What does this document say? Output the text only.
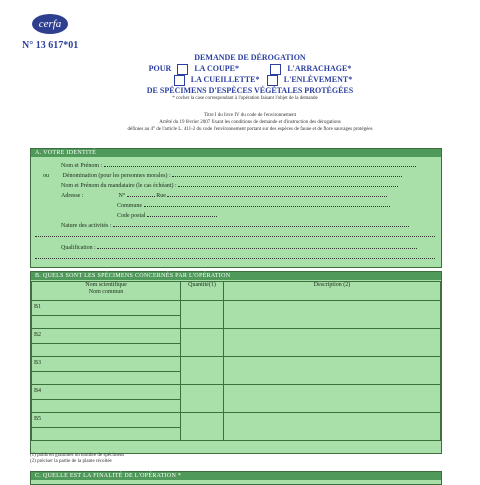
cerfa
N° 13 617*01
DEMANDE DE DÉROGATION
POUR	LA COUPE*	L'ARRACHAGE*
LA CUEILLETTE*	L'ENLÈVEMENT*
DE SPÉCIMENS D'ESPÈCES VÉGÉTALES PROTÉGÉES
* cocher la case correspondant à l'opération faisant l'objet de la demande
Titre I du livre IV du code de l'environnement
Arrêté du 19 février 2007 fixant les conditions de demande et d'instruction des dérogations
définies au 4° de l'article L. 411-2 du code l'environnement portant sur des espèces de faune et de flore sauvages protégées
A. VOTRE IDENTITÉ
Nom et Prénom :
ou Dénomination (pour les personnes morales) :
Nom et Prénom du mandataire (le cas échéant) :
Adresse :	N°	Rue
Commune
Code postal
Nature des activités :
Qualification :
B. QUELS SONT LES SPÉCIMENS CONCERNÉS PAR L'OPÉRATION
Nom scientifique
Nom commun	Quantité(1)	Description (2)

B1		

B2		

B3		

B4		

B5		

(1) poids en grammes ou nombre de spécimens
(2) préciser la partie de la plante récoltée
C. QUELLE EST LA FINALITÉ DE L'OPÉRATION *
